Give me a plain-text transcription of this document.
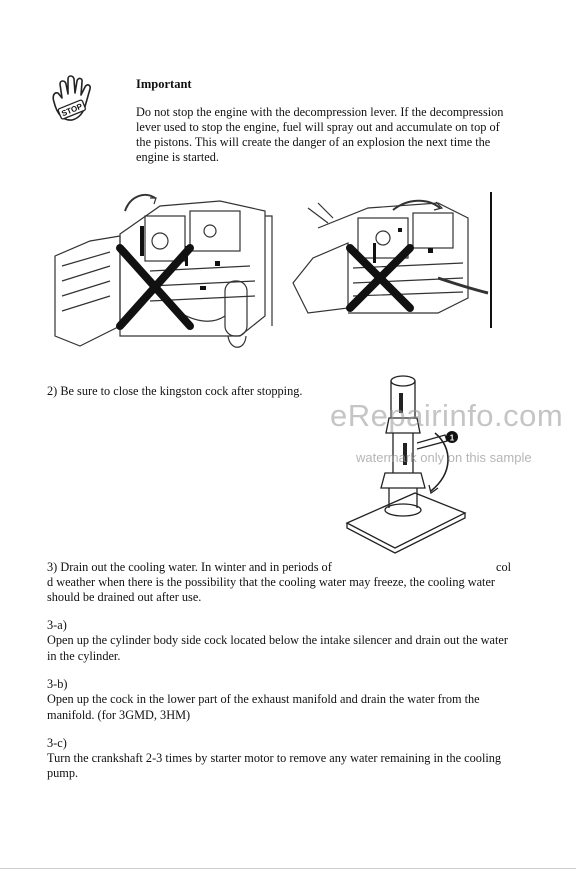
STOP
Important
Do not stop the engine with the decompression lever. If the decompression
lever used to stop the engine, fuel will spray out and accumulate on top of
the pistons. This will create the danger of an explosion the next time the
engine is started.
2) Be sure to close the kingston cock after stopping.
1
eRepairinfo.com
watermark only on this sample
3) Drain out the cooling water. In winter and in periods of	col
d weather when there is the possibility that the cooling water may freeze, the cooling water
should be drained out after use.
3-a)
Open up the cylinder body side cock located below the intake silencer and drain out the water
in the cylinder.
3-b)
Open up the cock in the lower part of the exhaust manifold and drain the water from the
manifold. (for 3GMD, 3HM)
3-c)
Turn the crankshaft 2-3 times by starter motor to remove any water remaining in the cooling
pump.
